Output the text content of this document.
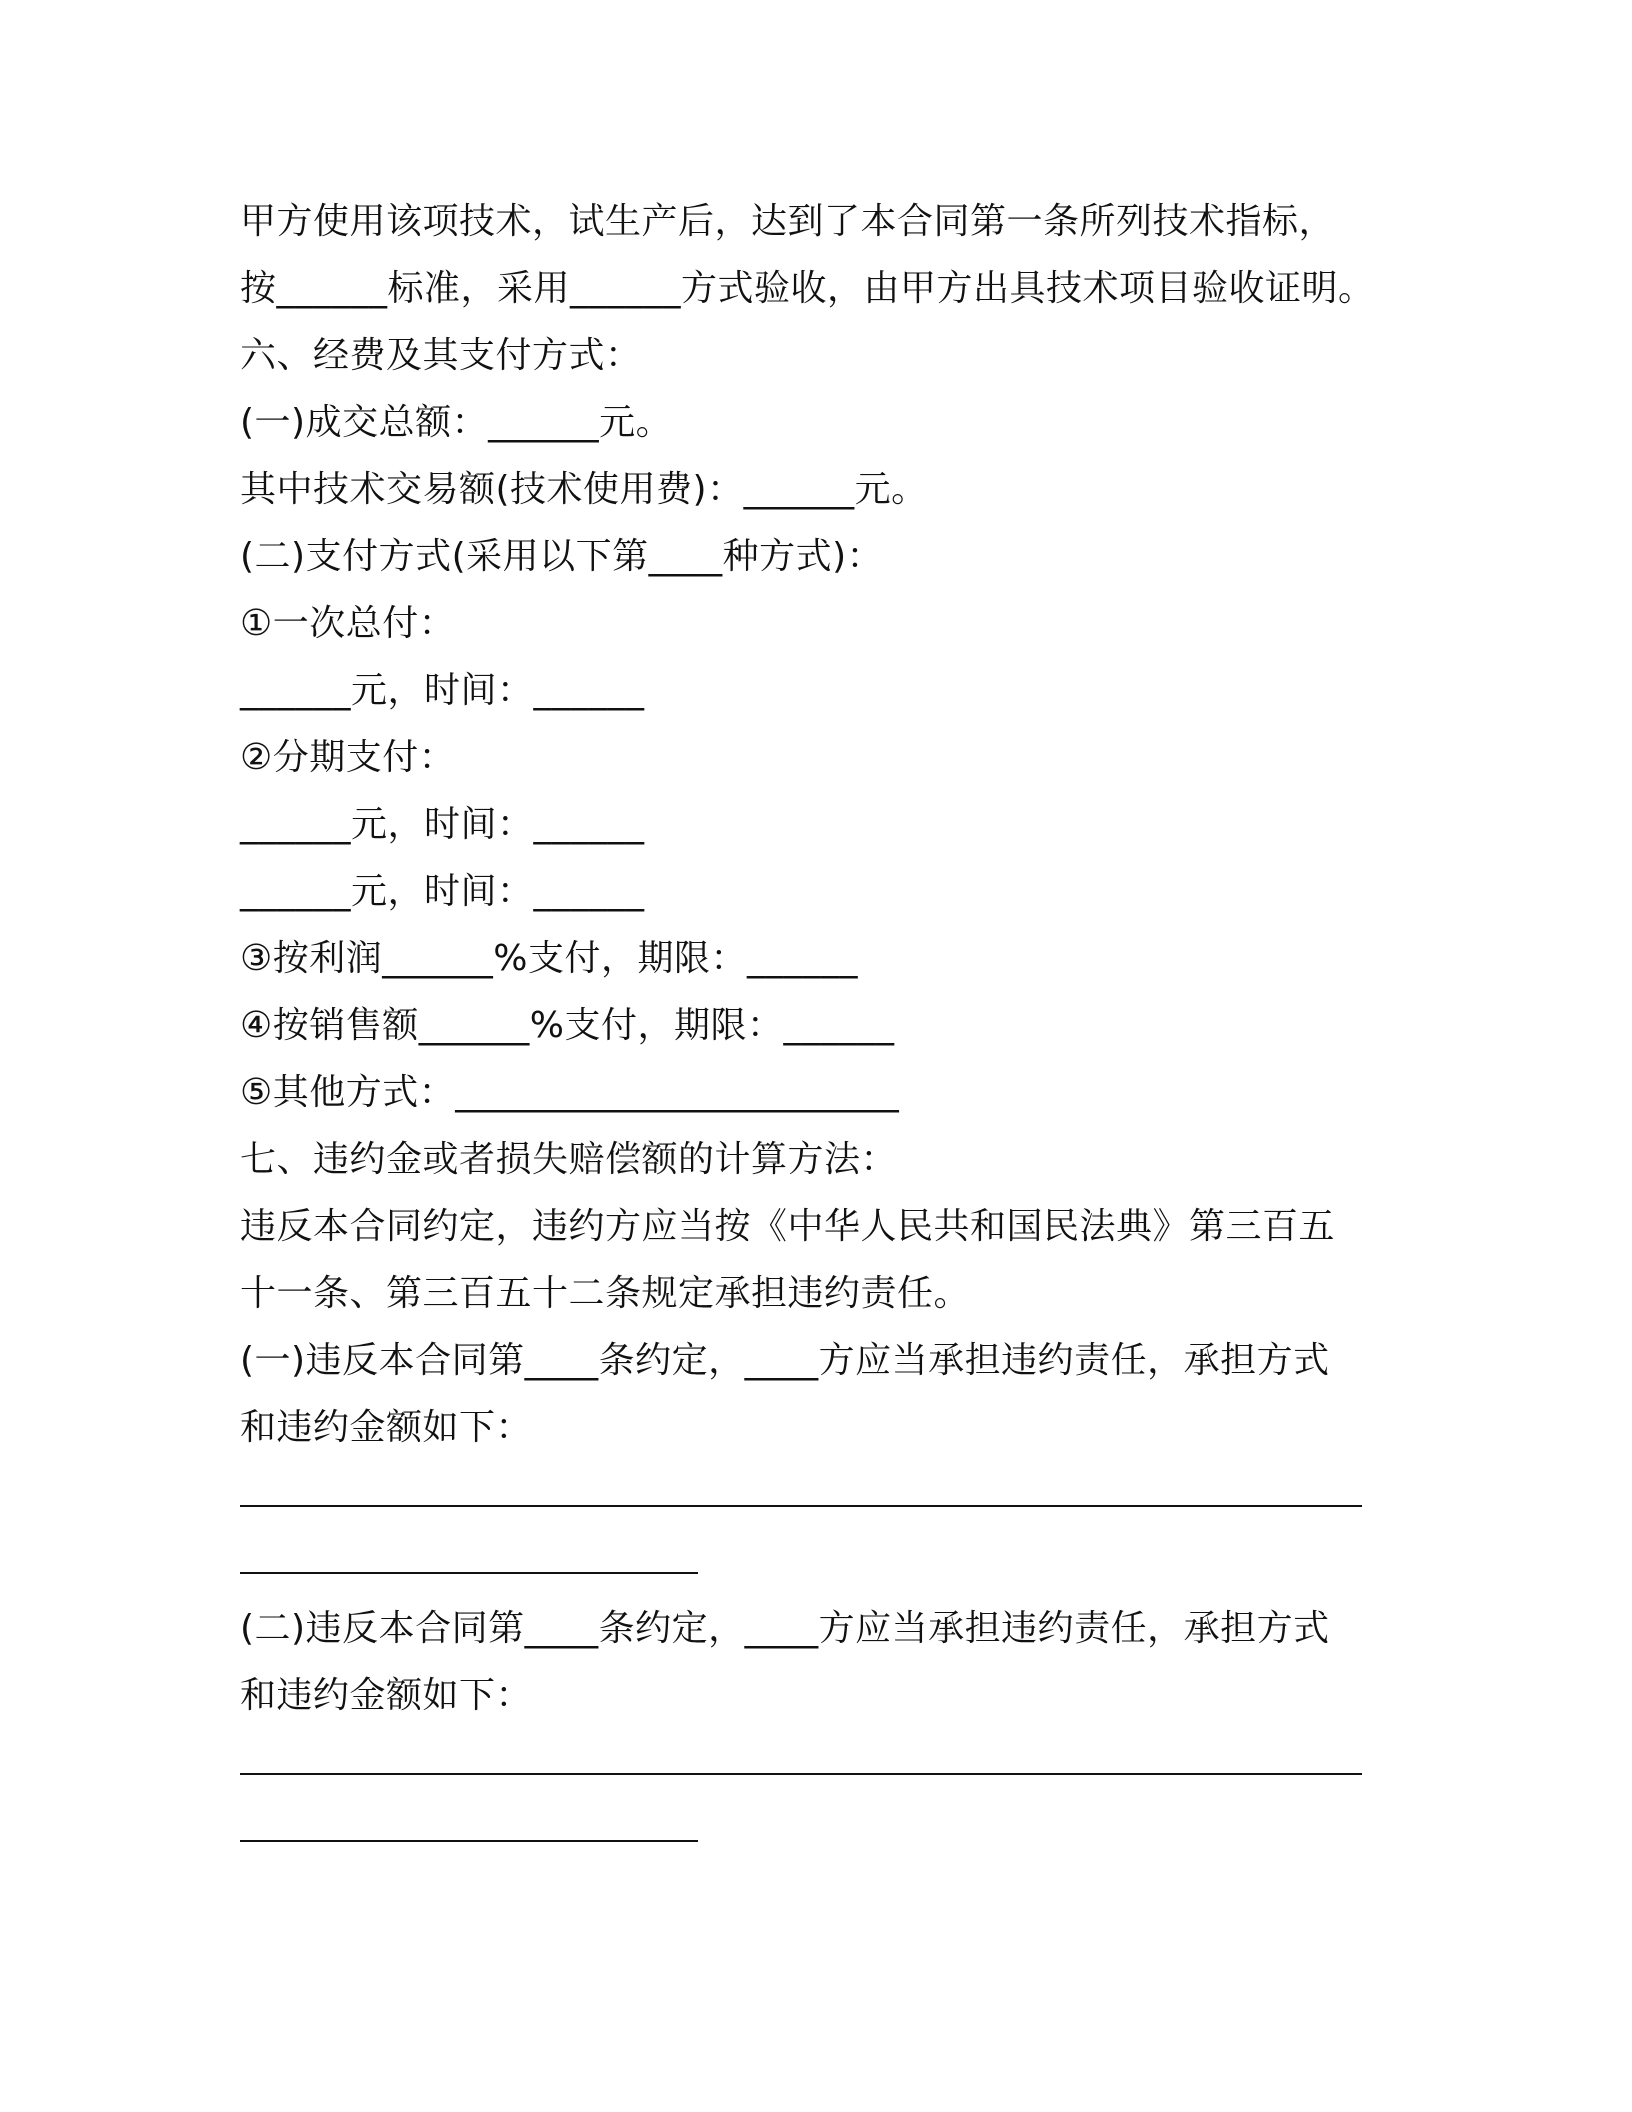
甲方使用该项技术，试生产后，达到了本合同第一条所列技术指标，
按______标准，采用______方式验收，由甲方出具技术项目验收证明。
六、经费及其支付方式：
(一)成交总额：______元。
其中技术交易额(技术使用费)：______元。
(二)支付方式(采用以下第____种方式)：
①一次总付：
______元，时间：______
②分期支付：
______元，时间：______
______元，时间：______
③按利润______%支付，期限：______
④按销售额______%支付，期限：______
⑤其他方式：________________________
七、违约金或者损失赔偿额的计算方法：
违反本合同约定，违约方应当按《中华人民共和国民法典》第三百五
十一条、第三百五十二条规定承担违约责任。
(一)违反本合同第____条约定，____方应当承担违约责任，承担方式
和违约金额如下：
(二)违反本合同第____条约定，____方应当承担违约责任，承担方式
和违约金额如下：
